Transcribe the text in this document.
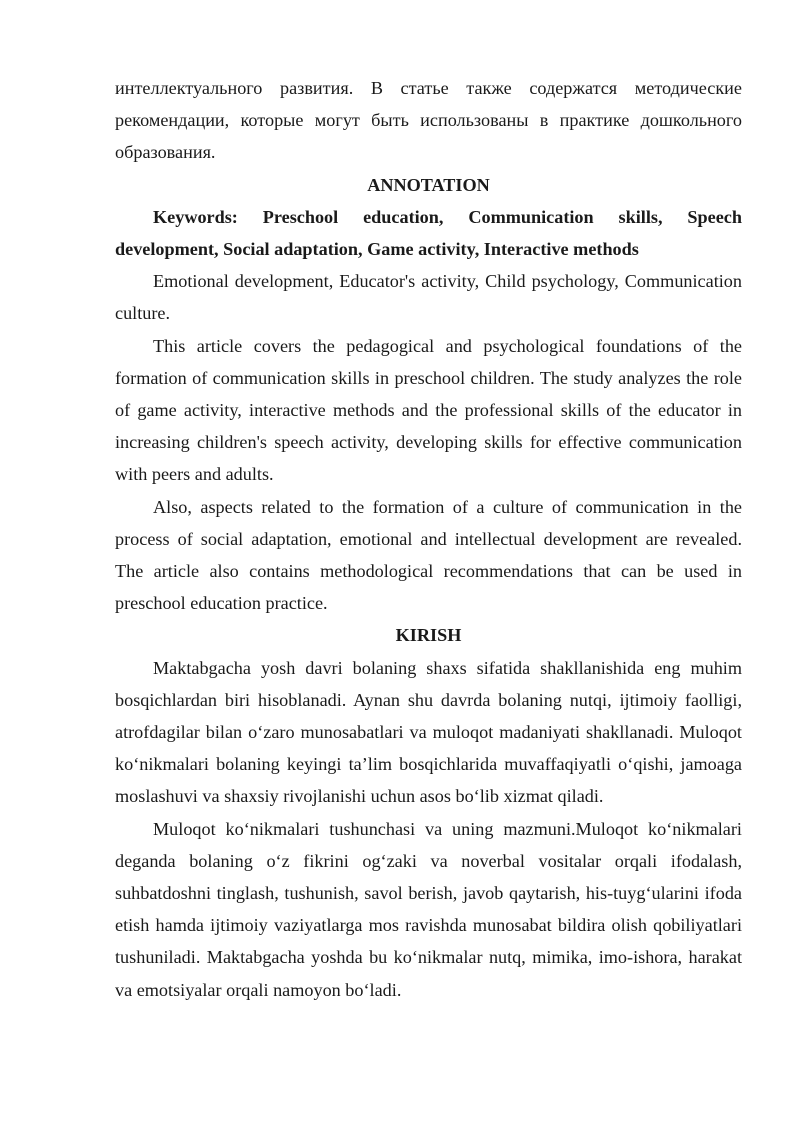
интеллектуального развития. В статье также содержатся методические рекомендации, которые могут быть использованы в практике дошкольного образования.

ANNOTATION

Keywords: Preschool education, Communication skills, Speech development, Social adaptation, Game activity, Interactive methods

Emotional development, Educator's activity, Child psychology, Communication culture.

This article covers the pedagogical and psychological foundations of the formation of communication skills in preschool children. The study analyzes the role of game activity, interactive methods and the professional skills of the educator in increasing children's speech activity, developing skills for effective communication with peers and adults.

Also, aspects related to the formation of a culture of communication in the process of social adaptation, emotional and intellectual development are revealed. The article also contains methodological recommendations that can be used in preschool education practice.

KIRISH

Maktabgacha yosh davri bolaning shaxs sifatida shakllanishida eng muhim bosqichlardan biri hisoblanadi. Aynan shu davrda bolaning nutqi, ijtimoiy faolligi, atrofdagilar bilan o‘zaro munosabatlari va muloqot madaniyati shakllanadi. Muloqot ko‘nikmalari bolaning keyingi ta’lim bosqichlarida muvaffaqiyatli o‘qishi, jamoaga moslashuvi va shaxsiy rivojlanishi uchun asos bo‘lib xizmat qiladi.

Muloqot ko‘nikmalari tushunchasi va uning mazmuni.Muloqot ko‘nikmalari deganda bolaning o‘z fikrini og‘zaki va noverbal vositalar orqali ifodalash, suhbatdoshni tinglash, tushunish, savol berish, javob qaytarish, his-tuyg‘ularini ifoda etish hamda ijtimoiy vaziyatlarga mos ravishda munosabat bildira olish qobiliyatlari tushuniladi. Maktabgacha yoshda bu ko‘nikmalar nutq, mimika, imo-ishora, harakat va emotsiyalar orqali namoyon bo‘ladi.
